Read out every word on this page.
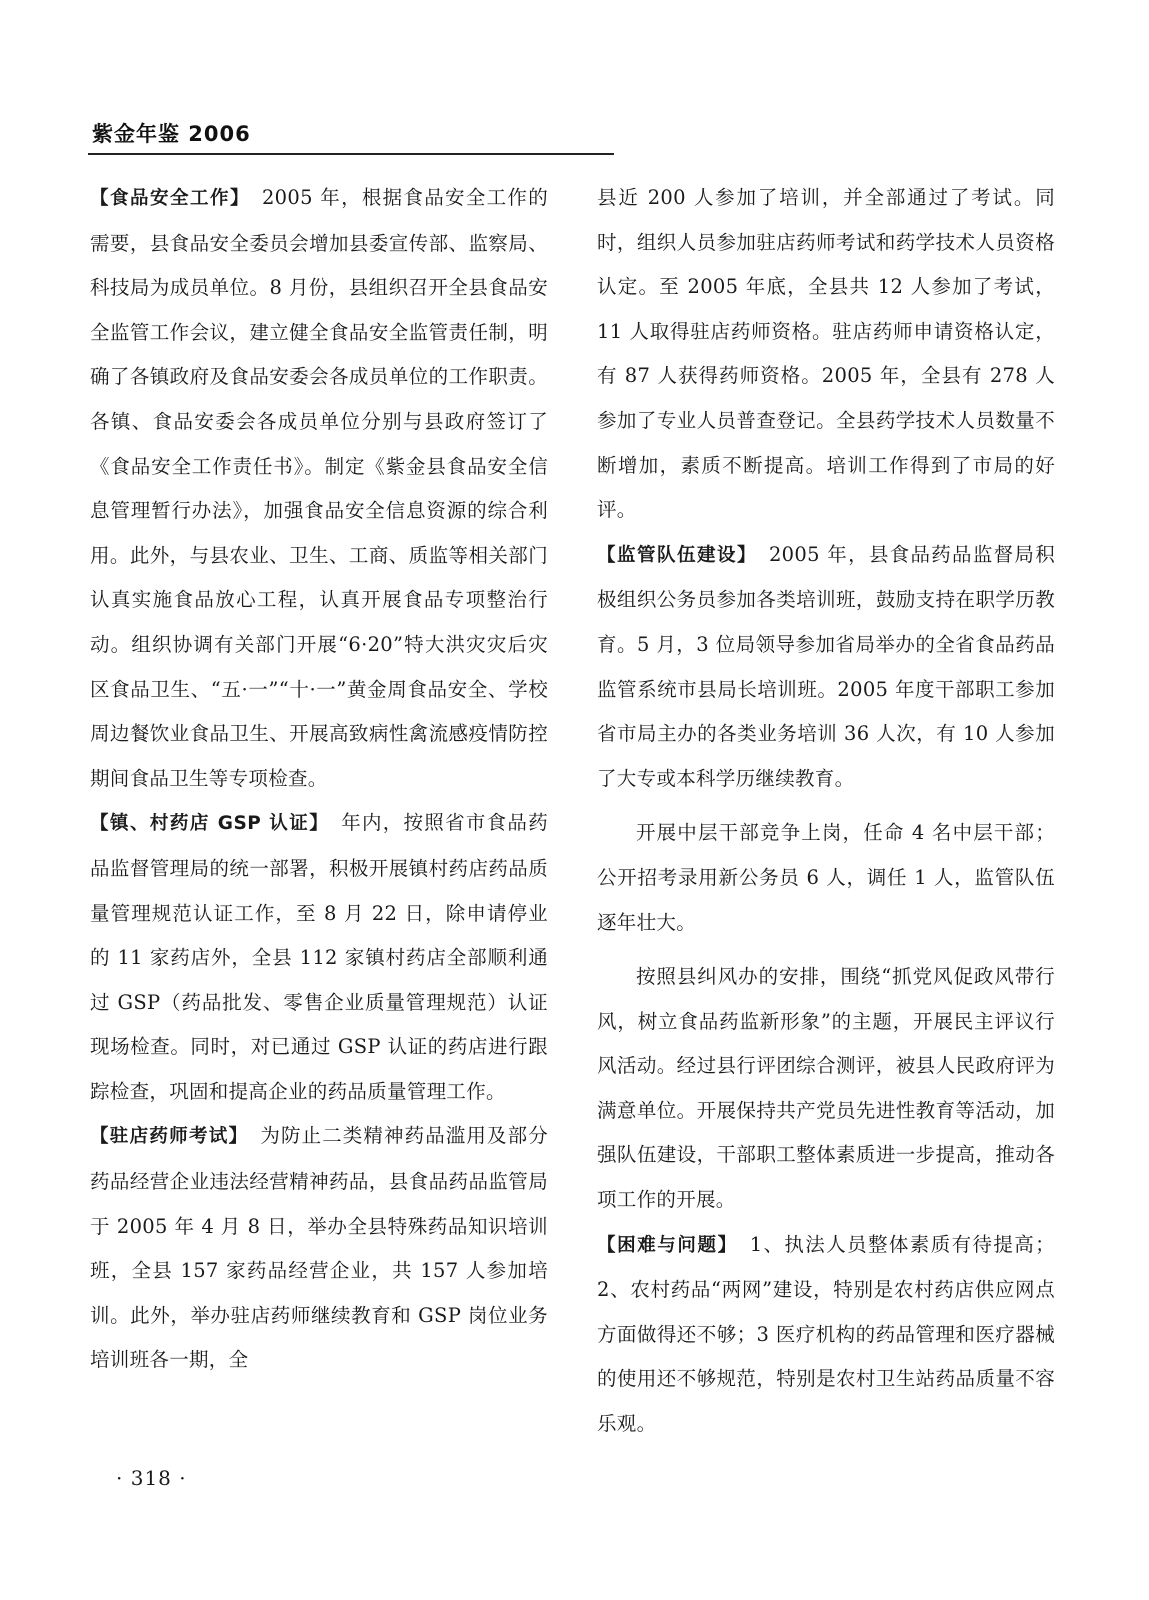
紫金年鉴 2006

【食品安全工作】 2005 年，根据食品安全工作的需要，县食品安全委员会增加县委宣传部、监察局、科技局为成员单位。8 月份，县组织召开全县食品安全监管工作会议，建立健全食品安全监管责任制，明确了各镇政府及食品安委会各成员单位的工作职责。各镇、食品安委会各成员单位分别与县政府签订了《食品安全工作责任书》。制定《紫金县食品安全信息管理暂行办法》，加强食品安全信息资源的综合利用。此外，与县农业、卫生、工商、质监等相关部门认真实施食品放心工程，认真开展食品专项整治行动。组织协调有关部门开展“6·20”特大洪灾灾后灾区食品卫生、“五·一”“十·一”黄金周食品安全、学校周边餐饮业食品卫生、开展高致病性禽流感疫情防控期间食品卫生等专项检查。

【镇、村药店 GSP 认证】 年内，按照省市食品药品监督管理局的统一部署，积极开展镇村药店药品质量管理规范认证工作，至 8 月 22 日，除申请停业的 11 家药店外，全县 112 家镇村药店全部顺利通过 GSP（药品批发、零售企业质量管理规范）认证现场检查。同时，对已通过 GSP 认证的药店进行跟踪检查，巩固和提高企业的药品质量管理工作。

【驻店药师考试】 为防止二类精神药品滥用及部分药品经营企业违法经营精神药品，县食品药品监管局于 2005 年 4 月 8 日，举办全县特殊药品知识培训班，全县 157 家药品经营企业，共 157 人参加培训。此外，举办驻店药师继续教育和 GSP 岗位业务培训班各一期，全

县近 200 人参加了培训，并全部通过了考试。同时，组织人员参加驻店药师考试和药学技术人员资格认定。至 2005 年底，全县共 12 人参加了考试，11 人取得驻店药师资格。驻店药师申请资格认定，有 87 人获得药师资格。2005 年，全县有 278 人参加了专业人员普查登记。全县药学技术人员数量不断增加，素质不断提高。培训工作得到了市局的好评。

【监管队伍建设】 2005 年，县食品药品监督局积极组织公务员参加各类培训班，鼓励支持在职学历教育。5 月，3 位局领导参加省局举办的全省食品药品监管系统市县局长培训班。2005 年度干部职工参加省市局主办的各类业务培训 36 人次，有 10 人参加了大专或本科学历继续教育。

开展中层干部竞争上岗，任命 4 名中层干部；公开招考录用新公务员 6 人，调任 1 人，监管队伍逐年壮大。

按照县纠风办的安排，围绕“抓党风促政风带行风，树立食品药监新形象”的主题，开展民主评议行风活动。经过县行评团综合测评，被县人民政府评为满意单位。开展保持共产党员先进性教育等活动，加强队伍建设，干部职工整体素质进一步提高，推动各项工作的开展。

【困难与问题】 1、执法人员整体素质有待提高；2、农村药品“两网”建设，特别是农村药店供应网点方面做得还不够；3 医疗机构的药品管理和医疗器械的使用还不够规范，特别是农村卫生站药品质量不容乐观。

· 318 ·
